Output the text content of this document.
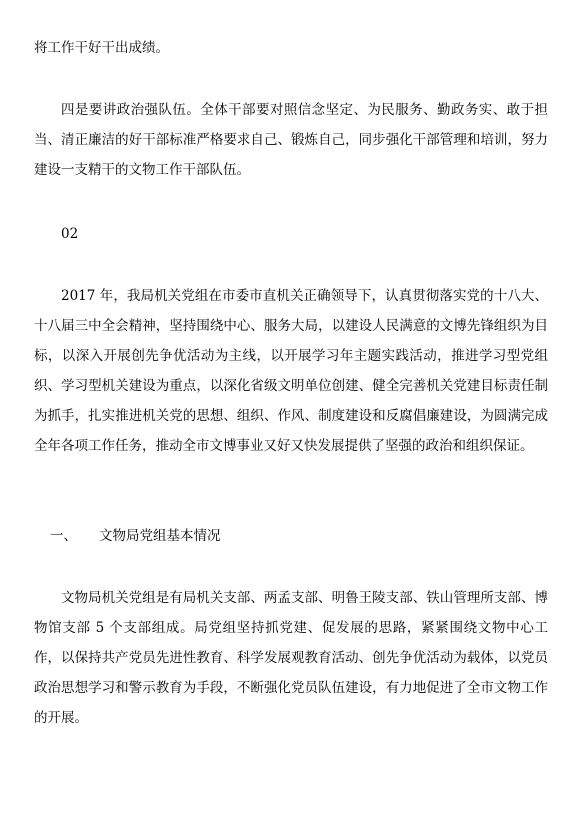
将工作干好干出成绩。

四是要讲政治强队伍。全体干部要对照信念坚定、为民服务、勤政务实、敢于担当、清正廉洁的好干部标准严格要求自己、锻炼自己，同步强化干部管理和培训，努力建设一支精干的文物工作干部队伍。

02

2017 年，我局机关党组在市委市直机关正确领导下，认真贯彻落实党的十八大、十八届三中全会精神，坚持围绕中心、服务大局，以建设人民满意的文博先锋组织为目标，以深入开展创先争优活动为主线，以开展学习年主题实践活动，推进学习型党组织、学习型机关建设为重点，以深化省级文明单位创建、健全完善机关党建目标责任制为抓手，扎实推进机关党的思想、组织、作风、制度建设和反腐倡廉建设，为圆满完成全年各项工作任务，推动全市文博事业又好又快发展提供了坚强的政治和组织保证。

一、 文物局党组基本情况

文物局机关党组是有局机关支部、两孟支部、明鲁王陵支部、铁山管理所支部、博物馆支部 5 个支部组成。局党组坚持抓党建、促发展的思路，紧紧围绕文物中心工作，以保持共产党员先进性教育、科学发展观教育活动、创先争优活动为载体，以党员政治思想学习和警示教育为手段，不断强化党员队伍建设，有力地促进了全市文物工作的开展。
